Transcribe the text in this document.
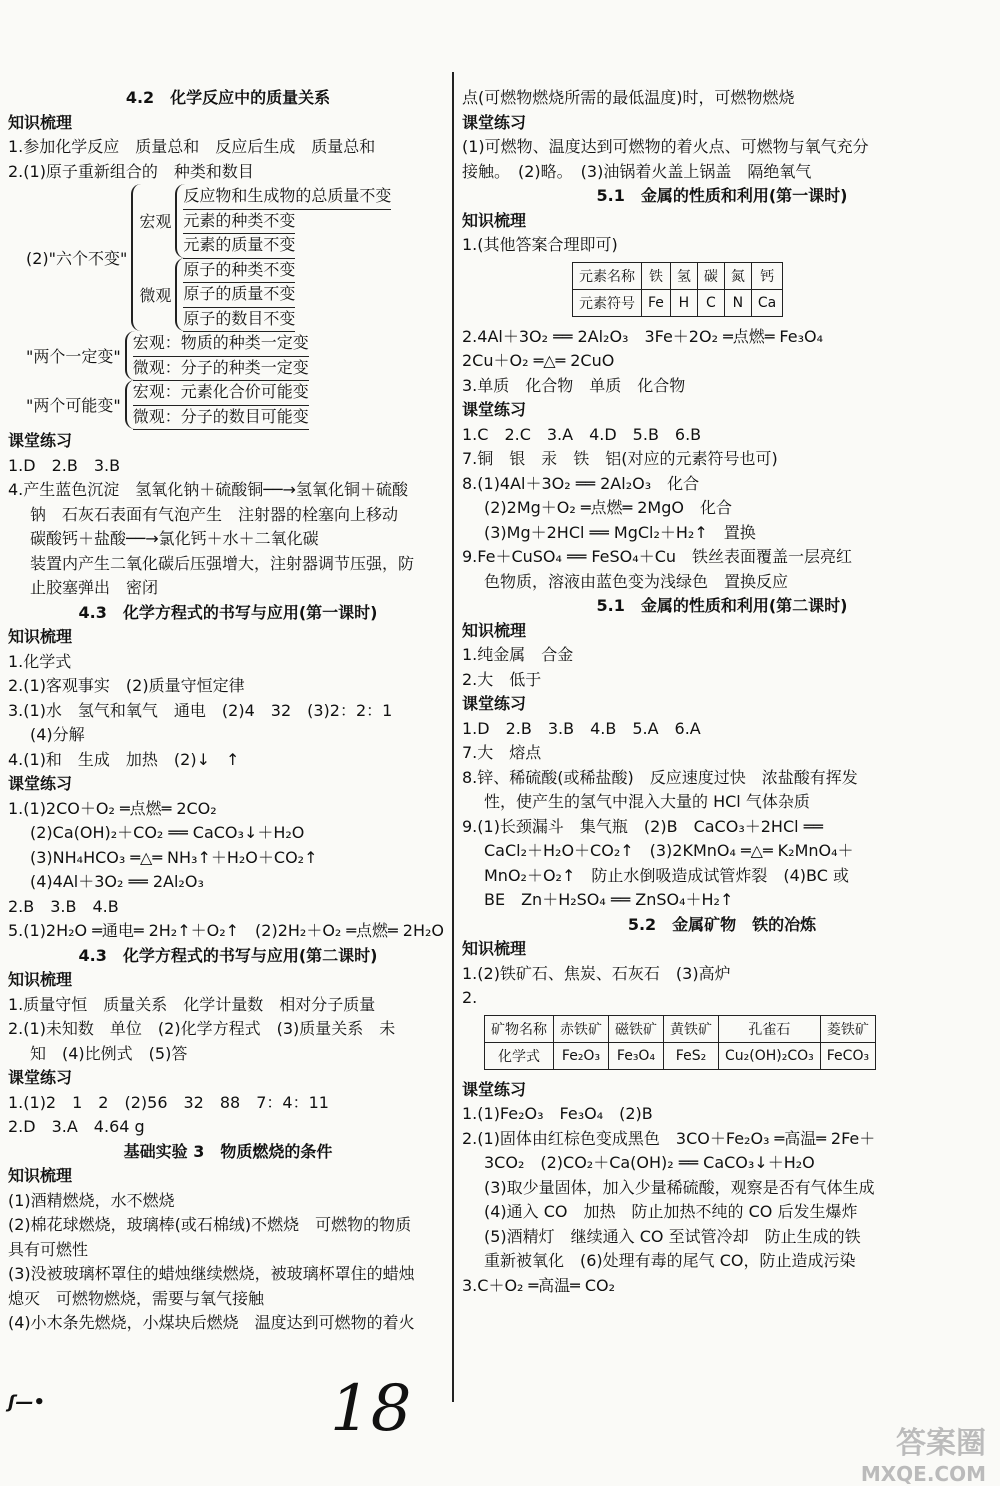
4.2　化学反应中的质量关系
知识梳理
1.参加化学反应　质量总和　反应后生成　质量总和
2.(1)原子重新组合的　种类和数目
(2)"六个不变"
宏观
反应物和生成物的总质量不变
元素的种类不变
元素的质量不变
微观
原子的种类不变
原子的质量不变
原子的数目不变
"两个一定变"
宏观：物质的种类一定变
微观：分子的种类一定变
"两个可能变"
宏观：元素化合价可能变
微观：分子的数目可能变
课堂练习
1.D　2.B　3.B
4.产生蓝色沉淀　氢氧化钠＋硫酸铜──→氢氧化铜＋硫酸
钠　石灰石表面有气泡产生　注射器的栓塞向上移动
碳酸钙＋盐酸──→氯化钙＋水＋二氧化碳
装置内产生二氧化碳后压强增大，注射器调节压强，防
止胶塞弹出　密闭
4.3　化学方程式的书写与应用(第一课时)
知识梳理
1.化学式
2.(1)客观事实　(2)质量守恒定律
3.(1)水　氢气和氧气　通电　(2)4　32　(3)2：2：1
(4)分解
4.(1)和　生成　加热　(2)↓　↑
课堂练习
1.(1)2CO＋O₂ ═点燃═ 2CO₂
(2)Ca(OH)₂＋CO₂ ══ CaCO₃↓＋H₂O
(3)NH₄HCO₃ ═△═ NH₃↑＋H₂O＋CO₂↑
(4)4Al＋3O₂ ══ 2Al₂O₃
2.B　3.B　4.B
5.(1)2H₂O ═通电═ 2H₂↑＋O₂↑　(2)2H₂＋O₂ ═点燃═ 2H₂O
4.3　化学方程式的书写与应用(第二课时)
知识梳理
1.质量守恒　质量关系　化学计量数　相对分子质量
2.(1)未知数　单位　(2)化学方程式　(3)质量关系　未
知　(4)比例式　(5)答
课堂练习
1.(1)2　1　2　(2)56　32　88　7：4：11
2.D　3.A　4.64 g
基础实验 3　物质燃烧的条件
知识梳理
(1)酒精燃烧，水不燃烧
(2)棉花球燃烧，玻璃棒(或石棉绒)不燃烧　可燃物的物质
具有可燃性
(3)没被玻璃杯罩住的蜡烛继续燃烧，被玻璃杯罩住的蜡烛
熄灭　可燃物燃烧，需要与氧气接触
(4)小木条先燃烧，小煤块后燃烧　温度达到可燃物的着火
点(可燃物燃烧所需的最低温度)时，可燃物燃烧
课堂练习
(1)可燃物、温度达到可燃物的着火点、可燃物与氧气充分
接触。　(2)略。　(3)油锅着火盖上锅盖　隔绝氧气
5.1　金属的性质和利用(第一课时)
知识梳理
1.(其他答案合理即可)
元素名称	铁	氢	碳	氮	钙
元素符号	Fe	H	C	N	Ca
2.4Al＋3O₂ ══ 2Al₂O₃　3Fe＋2O₂ ═点燃═ Fe₃O₄
2Cu＋O₂ ═△═ 2CuO
3.单质　化合物　单质　化合物
课堂练习
1.C　2.C　3.A　4.D　5.B　6.B
7.铜　银　汞　铁　铝(对应的元素符号也可)
8.(1)4Al＋3O₂ ══ 2Al₂O₃　化合
(2)2Mg＋O₂ ═点燃═ 2MgO　化合
(3)Mg＋2HCl ══ MgCl₂＋H₂↑　置换
9.Fe＋CuSO₄ ══ FeSO₄＋Cu　铁丝表面覆盖一层亮红
色物质，溶液由蓝色变为浅绿色　置换反应
5.1　金属的性质和利用(第二课时)
知识梳理
1.纯金属　合金
2.大　低于
课堂练习
1.D　2.B　3.B　4.B　5.A　6.A
7.大　熔点
8.锌、稀硫酸(或稀盐酸)　反应速度过快　浓盐酸有挥发
性，使产生的氢气中混入大量的 HCl 气体杂质
9.(1)长颈漏斗　集气瓶　(2)B　CaCO₃＋2HCl ══
CaCl₂＋H₂O＋CO₂↑　(3)2KMnO₄ ═△═ K₂MnO₄＋
MnO₂＋O₂↑　防止水倒吸造成试管炸裂　(4)BC 或
BE　Zn＋H₂SO₄ ══ ZnSO₄＋H₂↑
5.2　金属矿物　铁的冶炼
知识梳理
1.(2)铁矿石、焦炭、石灰石　(3)高炉
2.
矿物名称	赤铁矿	磁铁矿	黄铁矿	孔雀石	菱铁矿
化学式	Fe₂O₃	Fe₃O₄	FeS₂	Cu₂(OH)₂CO₃	FeCO₃
课堂练习
1.(1)Fe₂O₃　Fe₃O₄　(2)B
2.(1)固体由红棕色变成黑色　3CO＋Fe₂O₃ ═高温═ 2Fe＋
3CO₂　(2)CO₂＋Ca(OH)₂ ══ CaCO₃↓＋H₂O
(3)取少量固体，加入少量稀硫酸，观察是否有气体生成
(4)通入 CO　加热　防止加热不纯的 CO 后发生爆炸
(5)酒精灯　继续通入 CO 至试管冷却　防止生成的铁
重新被氧化　(6)处理有毒的尾气 CO，防止造成污染
3.C＋O₂ ═高温═ CO₂
ʃ—•	18	答案圈
MXQE.COM
